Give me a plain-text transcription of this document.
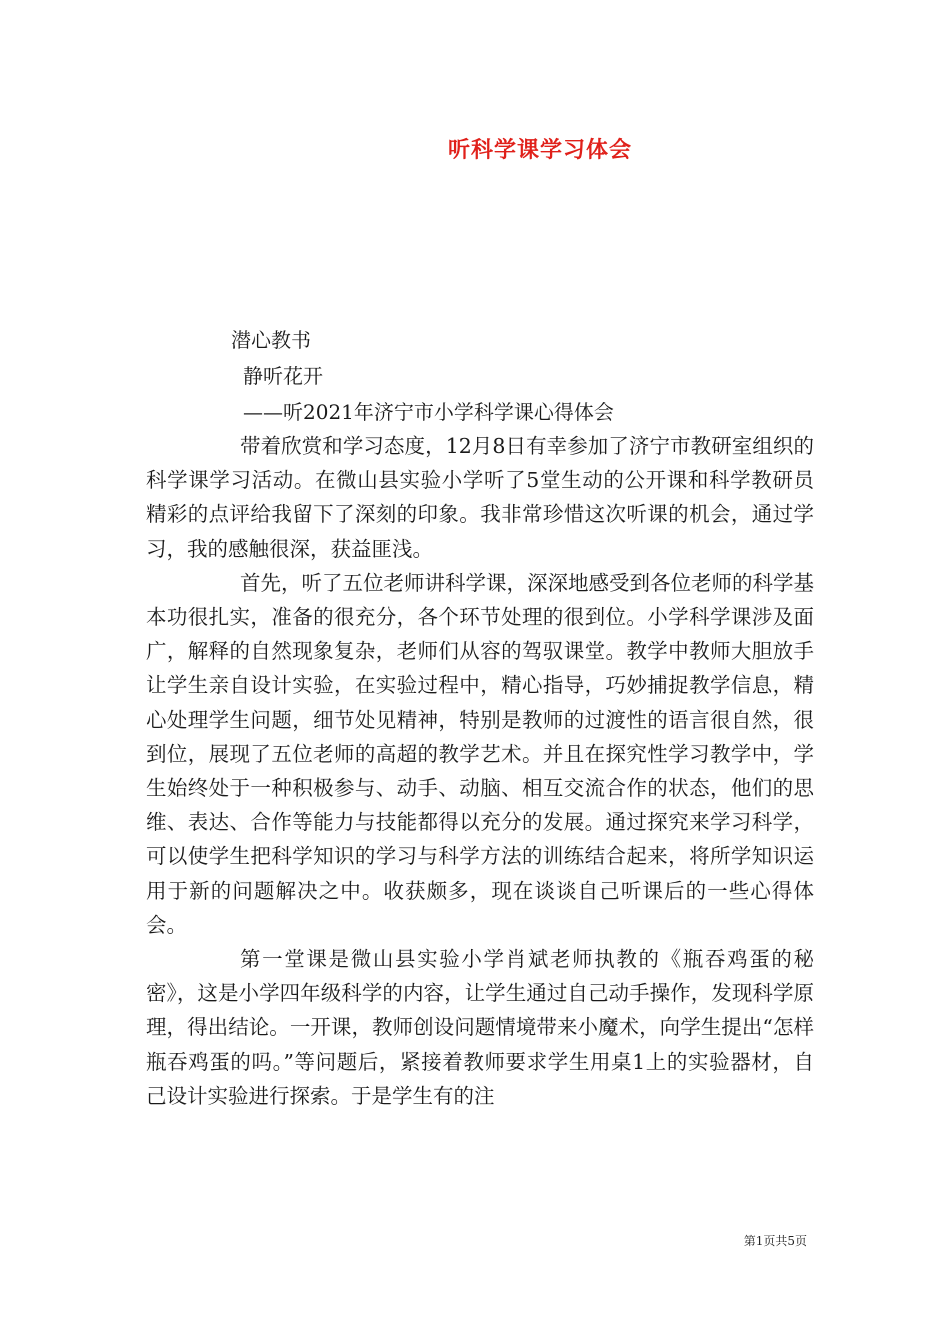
听科学课学习体会
潜心教书
静听花开
——听2021年济宁市小学科学课心得体会

带着欣赏和学习态度，12月8日有幸参加了济宁市教研室组织的科学课学习活动。在微山县实验小学听了5堂生动的公开课和科学教研员精彩的点评给我留下了深刻的印象。我非常珍惜这次听课的机会，通过学习，我的感触很深，获益匪浅。

首先，听了五位老师讲科学课，深深地感受到各位老师的科学基本功很扎实，准备的很充分，各个环节处理的很到位。小学科学课涉及面广，解释的自然现象复杂，老师们从容的驾驭课堂。教学中教师大胆放手让学生亲自设计实验，在实验过程中，精心指导，巧妙捕捉教学信息，精心处理学生问题，细节处见精神，特别是教师的过渡性的语言很自然，很到位，展现了五位老师的高超的教学艺术。并且在探究性学习教学中，学生始终处于一种积极参与、动手、动脑、相互交流合作的状态，他们的思维、表达、合作等能力与技能都得以充分的发展。通过探究来学习科学，可以使学生把科学知识的学习与科学方法的训练结合起来，将所学知识运用于新的问题解决之中。收获颇多，现在谈谈自己听课后的一些心得体会。

第一堂课是微山县实验小学肖斌老师执教的《瓶吞鸡蛋的秘密》，这是小学四年级科学的内容，让学生通过自己动手操作，发现科学原理，得出结论。一开课，教师创设问题情境带来小魔术，向学生提出“怎样瓶吞鸡蛋的吗。”等问题后，紧接着教师要求学生用桌1上的实验器材，自己设计实验进行探索。于是学生有的注

第1页共5页
